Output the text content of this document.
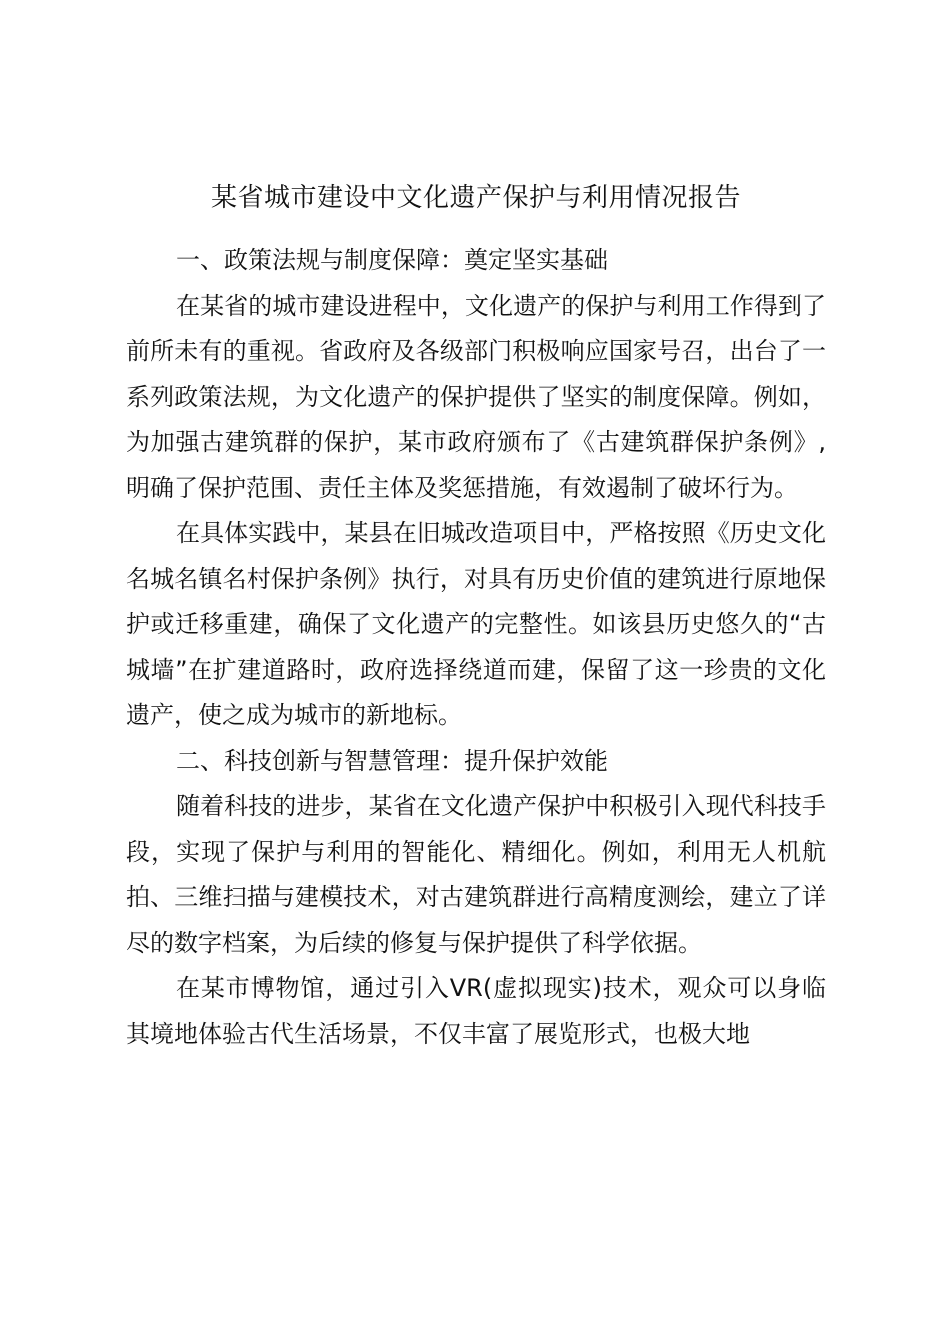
某省城市建设中文化遗产保护与利用情况报告

一、政策法规与制度保障：奠定坚实基础

在某省的城市建设进程中，文化遗产的保护与利用工作得到了前所未有的重视。省政府及各级部门积极响应国家号召，出台了一系列政策法规，为文化遗产的保护提供了坚实的制度保障。例如，为加强古建筑群的保护，某市政府颁布了《古建筑群保护条例》,明确了保护范围、责任主体及奖惩措施，有效遏制了破坏行为。

在具体实践中，某县在旧城改造项目中，严格按照《历史文化名城名镇名村保护条例》执行，对具有历史价值的建筑进行原地保护或迁移重建，确保了文化遗产的完整性。如该县历史悠久的“古城墙”在扩建道路时，政府选择绕道而建，保留了这一珍贵的文化遗产，使之成为城市的新地标。

二、科技创新与智慧管理：提升保护效能

随着科技的进步，某省在文化遗产保护中积极引入现代科技手段，实现了保护与利用的智能化、精细化。例如，利用无人机航拍、三维扫描与建模技术，对古建筑群进行高精度测绘，建立了详尽的数字档案，为后续的修复与保护提供了科学依据。

在某市博物馆，通过引入VR(虚拟现实)技术，观众可以身临其境地体验古代生活场景，不仅丰富了展览形式，也极大地
